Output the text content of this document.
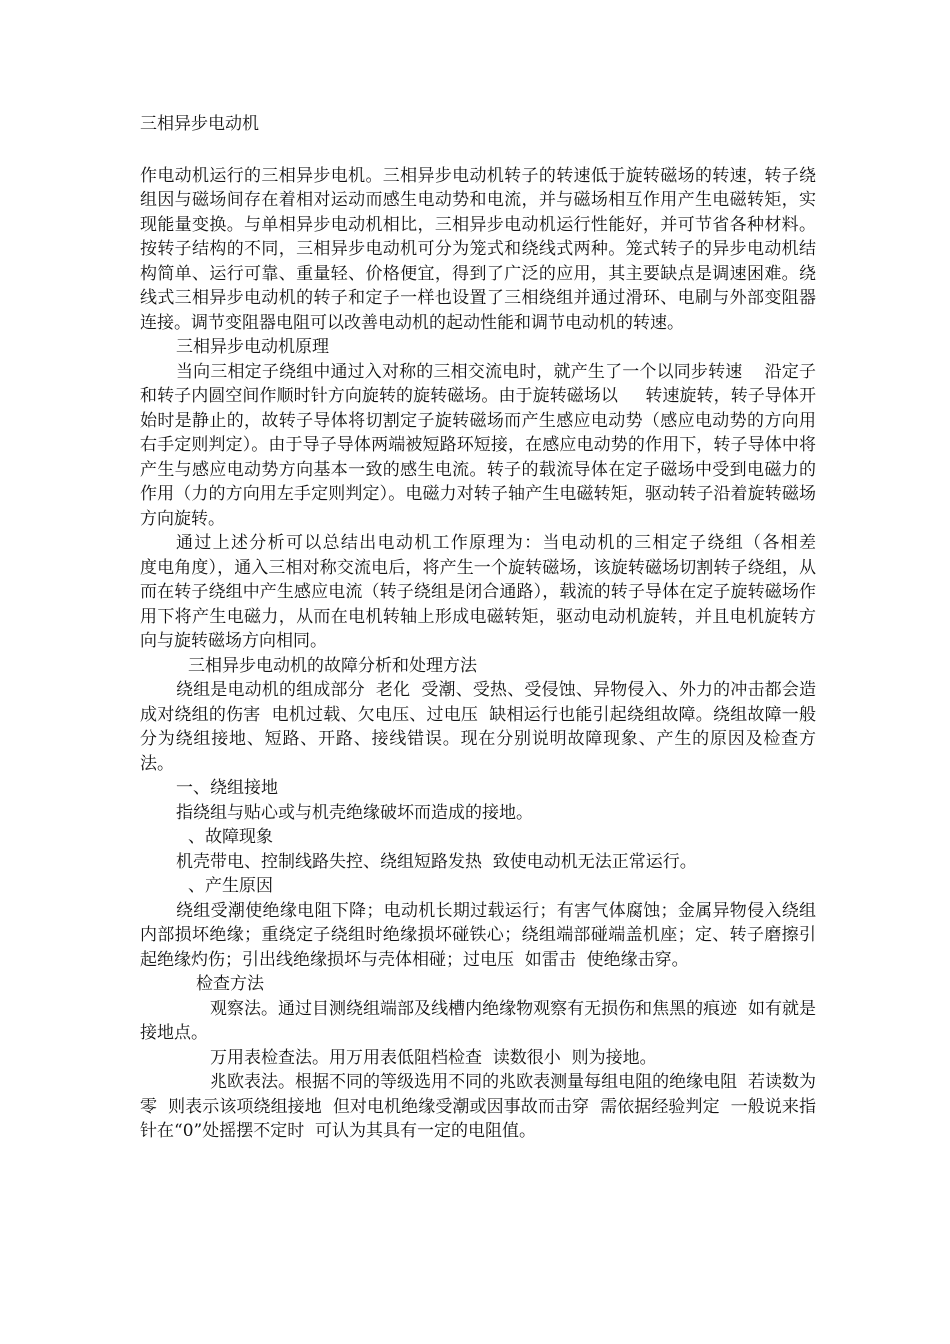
三相异步电动机

作电动机运行的三相异步电机。三相异步电动机转子的转速低于旋转磁场的转速，转子绕组因与磁场间存在着相对运动而感生电动势和电流，并与磁场相互作用产生电磁转矩，实现能量变换。与单相异步电动机相比，三相异步电动机运行性能好，并可节省各种材料。按转子结构的不同，三相异步电动机可分为笼式和绕线式两种。笼式转子的异步电动机结构简单、运行可靠、重量轻、价格便宜，得到了广泛的应用，其主要缺点是调速困难。绕线式三相异步电动机的转子和定子一样也设置了三相绕组并通过滑环、电刷与外部变阻器连接。调节变阻器电阻可以改善电动机的起动性能和调节电动机的转速。

三相异步电动机原理

当向三相定子绕组中通过入对称的三相交流电时，就产生了一个以同步转速    沿定子和转子内圆空间作顺时针方向旋转的旋转磁场。由于旋转磁场以     转速旋转，转子导体开始时是静止的，故转子导体将切割定子旋转磁场而产生感应电动势（感应电动势的方向用右手定则判定）。由于导子导体两端被短路环短接，在感应电动势的作用下，转子导体中将产生与感应电动势方向基本一致的感生电流。转子的载流导体在定子磁场中受到电磁力的作用（力的方向用左手定则判定）。电磁力对转子轴产生电磁转矩，驱动转子沿着旋转磁场方向旋转。

通过上述分析可以总结出电动机工作原理为：当电动机的三相定子绕组（各相差      度电角度），通入三相对称交流电后，将产生一个旋转磁场，该旋转磁场切割转子绕组，从而在转子绕组中产生感应电流（转子绕组是闭合通路），载流的转子导体在定子旋转磁场作用下将产生电磁力，从而在电机转轴上形成电磁转矩，驱动电动机旋转，并且电机旋转方向与旋转磁场方向相同。

三相异步电动机的故障分析和处理方法

绕组是电动机的组成部分  老化  受潮、受热、受侵蚀、异物侵入、外力的冲击都会造成对绕组的伤害  电机过载、欠电压、过电压  缺相运行也能引起绕组故障。绕组故障一般分为绕组接地、短路、开路、接线错误。现在分别说明故障现象、产生的原因及检查方法。

一、绕组接地

指绕组与贴心或与机壳绝缘破坏而造成的接地。

、故障现象

机壳带电、控制线路失控、绕组短路发热  致使电动机无法正常运行。

、产生原因

绕组受潮使绝缘电阻下降；电动机长期过载运行；有害气体腐蚀；金属异物侵入绕组内部损坏绝缘；重绕定子绕组时绝缘损坏碰铁心；绕组端部碰端盖机座；定、转子磨擦引起绝缘灼伤；引出线绝缘损坏与壳体相碰；过电压  如雷击  使绝缘击穿。

检查方法

观察法。通过目测绕组端部及线槽内绝缘物观察有无损伤和焦黑的痕迹  如有就是接地点。

万用表检查法。用万用表低阻档检查  读数很小  则为接地。

兆欧表法。根据不同的等级选用不同的兆欧表测量每组电阻的绝缘电阻  若读数为零  则表示该项绕组接地  但对电机绝缘受潮或因事故而击穿  需依据经验判定  一般说来指针在“0”处摇摆不定时  可认为其具有一定的电阻值。
